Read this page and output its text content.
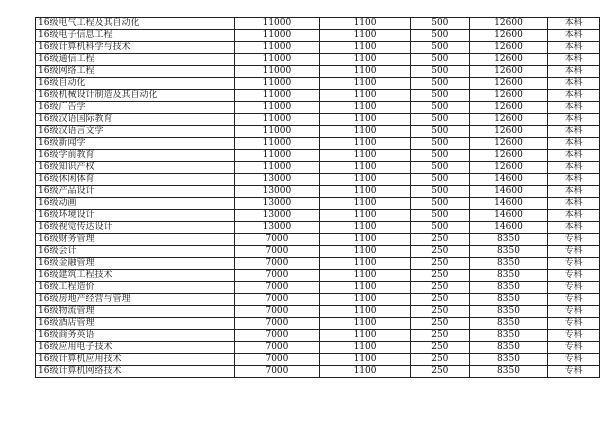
16级电气工程及其自动化	11000	1100	500	12600	本科
16级电子信息工程	11000	1100	500	12600	本科
16级计算机科学与技术	11000	1100	500	12600	本科
16级通信工程	11000	1100	500	12600	本科
16级网络工程	11000	1100	500	12600	本科
16级自动化	11000	1100	500	12600	本科
16级机械设计制造及其自动化	11000	1100	500	12600	本科
16级广告学	11000	1100	500	12600	本科
16级汉语国际教育	11000	1100	500	12600	本科
16级汉语言文学	11000	1100	500	12600	本科
16级新闻学	11000	1100	500	12600	本科
16级学前教育	11000	1100	500	12600	本科
16级知识产权	11000	1100	500	12600	本科
16级休闲体育	13000	1100	500	14600	本科
16级产品设计	13000	1100	500	14600	本科
16级动画	13000	1100	500	14600	本科
16级环境设计	13000	1100	500	14600	本科
16级视觉传达设计	13000	1100	500	14600	本科
16级财务管理	7000	1100	250	8350	专科
16级会计	7000	1100	250	8350	专科
16级金融管理	7000	1100	250	8350	专科
16级建筑工程技术	7000	1100	250	8350	专科
16级工程造价	7000	1100	250	8350	专科
16级房地产经营与管理	7000	1100	250	8350	专科
16级物流管理	7000	1100	250	8350	专科
16级酒店管理	7000	1100	250	8350	专科
16级商务英语	7000	1100	250	8350	专科
16级应用电子技术	7000	1100	250	8350	专科
16级计算机应用技术	7000	1100	250	8350	专科
16级计算机网络技术	7000	1100	250	8350	专科
